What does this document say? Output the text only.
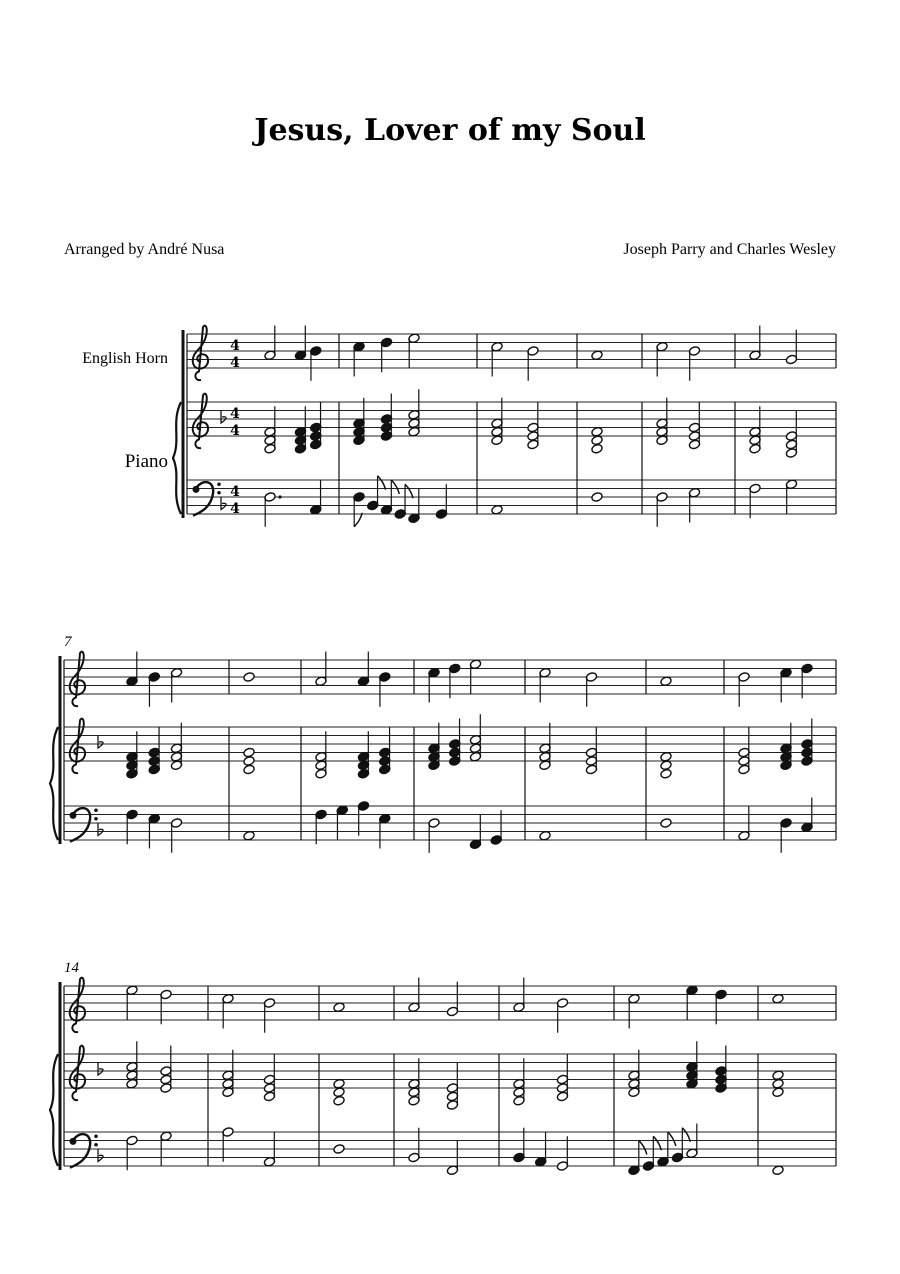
Jesus, Lover of my Soul
Arranged by André Nusa	Joseph Parry and Charles Wesley
English Horn
Piano
7
14
4
4
4
4
4
4
